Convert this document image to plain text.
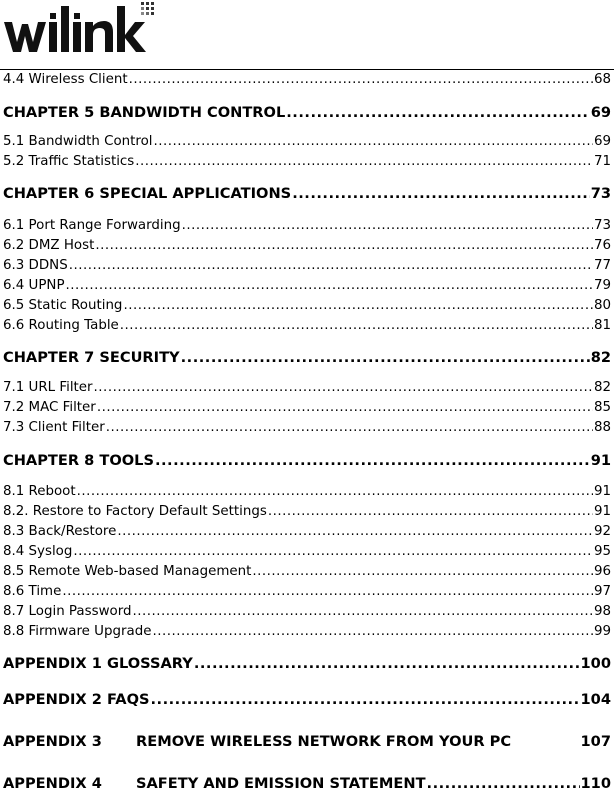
4.4 Wireless Client .....	68
CHAPTER 5 BANDWIDTH CONTROL .....	69
5.1 Bandwidth Control .....	69
5.2 Traffic Statistics .....	71
CHAPTER 6 SPECIAL APPLICATIONS .....	73
6.1 Port Range Forwarding .....	73
6.2 DMZ Host .....	76
6.3 DDNS .....	77
6.4 UPNP .....	79
6.5 Static Routing .....	80
6.6 Routing Table .....	81
CHAPTER 7 SECURITY .....	82
7.1 URL Filter .....	82
7.2 MAC Filter .....	85
7.3 Client Filter .....	88
CHAPTER 8 TOOLS .....	91
8.1 Reboot .....	91
8.2. Restore to Factory Default Settings .....	91
8.3 Back/Restore .....	92
8.4 Syslog .....	95
8.5 Remote Web-based Management .....	96
8.6 Time .....	97
8.7 Login Password .....	98
8.8 Firmware Upgrade .....	99
APPENDIX 1 GLOSSARY .....	100
APPENDIX 2 FAQS .....	104
APPENDIX 3 REMOVE WIRELESS NETWORK FROM YOUR PC	107
APPENDIX 4 SAFETY AND EMISSION STATEMENT .....	110
